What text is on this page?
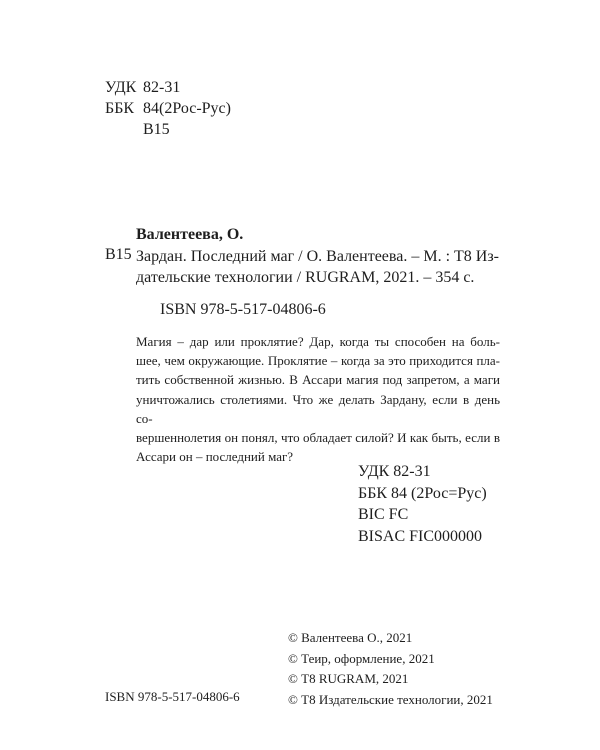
УДК 82-31
ББК 84(2Рос-Рус)
В15
Валентеева, О.
В15 Зардан. Последний маг / О. Валентеева. – М. : Т8 Из-
дательские технологии / RUGRAM, 2021. – 354 с.
ISBN 978-5-517-04806-6
Магия – дар или проклятие? Дар, когда ты способен на боль-
шее, чем окружающие. Проклятие – когда за это приходится пла-
тить собственной жизнью. В Ассари магия под запретом, а маги
уничтожались столетиями. Что же делать Зардану, если в день со-
вершеннолетия он понял, что обладает силой? И как быть, если в
Ассари он – последний маг?
УДК 82-31
ББК 84 (2Рос=Рус)
BIC FC
BISAC FIC000000
© Валентеева О., 2021
© Теир, оформление, 2021
© Т8 RUGRAM, 2021
© Т8 Издательские технологии, 2021
ISBN 978-5-517-04806-6
